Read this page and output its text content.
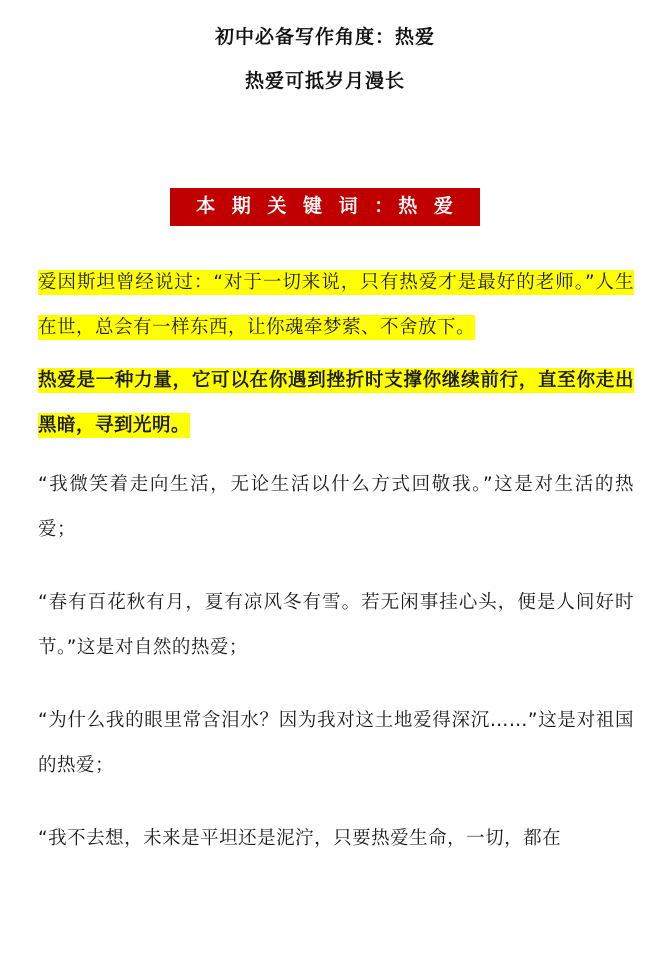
初中必备写作角度：热爱
热爱可抵岁月漫长
本 期 关 键 词 ：热 爱

爱因斯坦曾经说过：“对于一切来说，只有热爱才是最好的老师。”人生在世，总会有一样东西，让你魂牵梦萦、不舍放下。

热爱是一种力量，它可以在你遇到挫折时支撑你继续前行，直至你走出黑暗，寻到光明。

“我微笑着走向生活，无论生活以什么方式回敬我。”这是对生活的热爱；

“春有百花秋有月，夏有凉风冬有雪。若无闲事挂心头，便是人间好时节。”这是对自然的热爱；

“为什么我的眼里常含泪水？因为我对这土地爱得深沉……”这是对祖国的热爱；

“我不去想，未来是平坦还是泥泞，只要热爱生命，一切，都在
